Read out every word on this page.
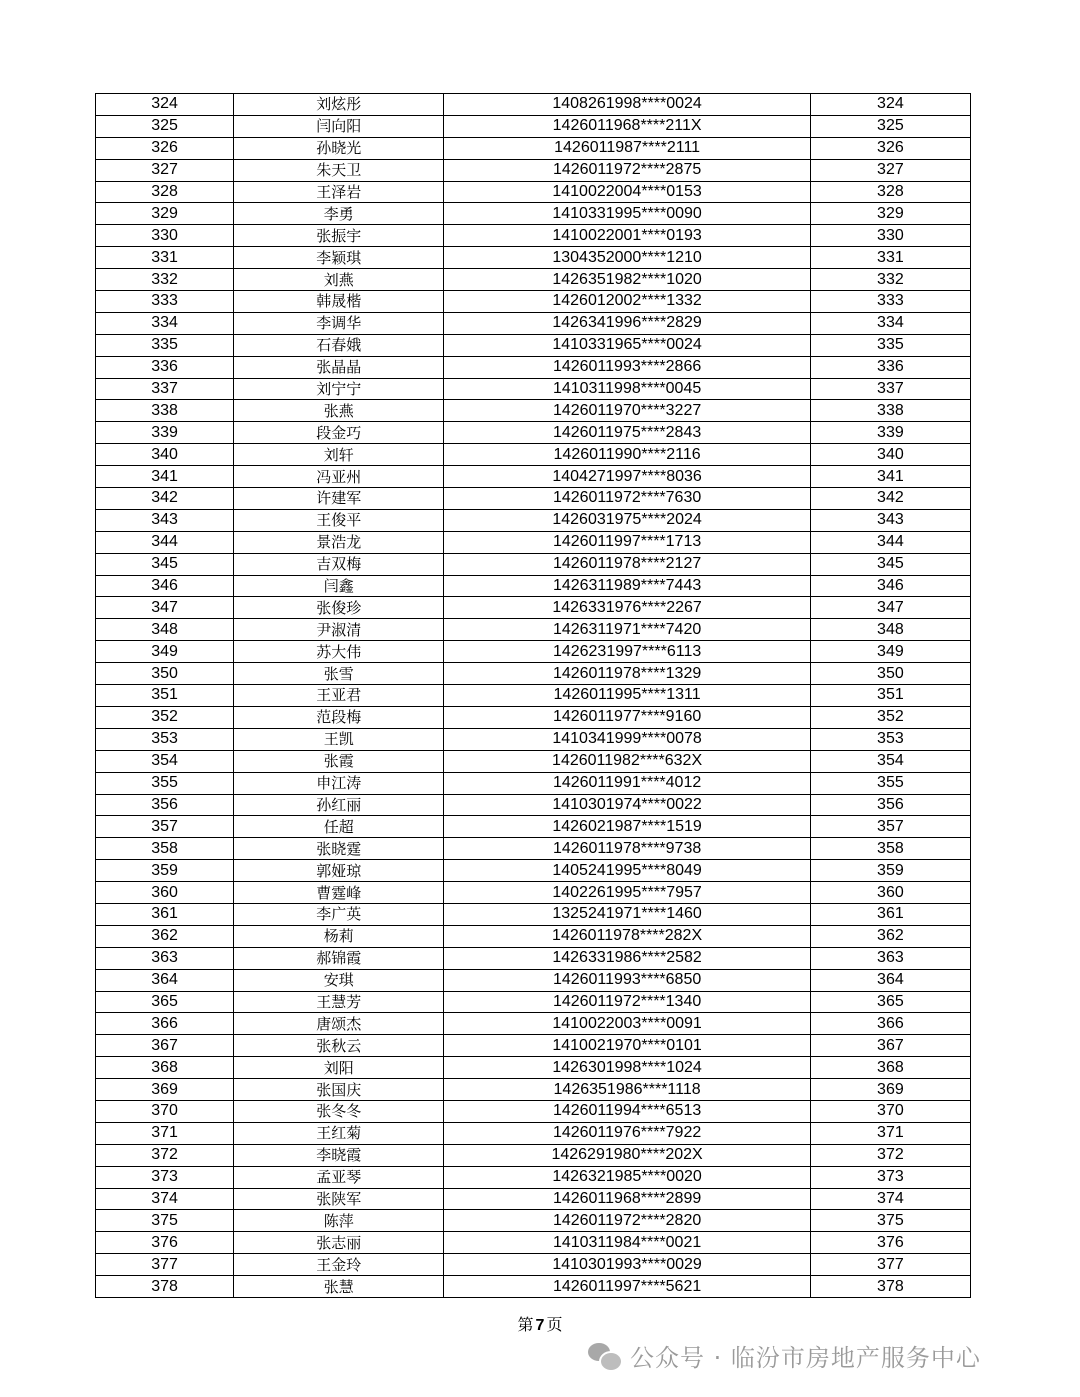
324	刘炫彤	1408261998****0024	324
325	闫向阳	1426011968****211X	325
326	孙晓光	1426011987****2111	326
327	朱天卫	1426011972****2875	327
328	王泽岩	1410022004****0153	328
329	李勇	1410331995****0090	329
330	张振宇	1410022001****0193	330
331	李颖琪	1304352000****1210	331
332	刘燕	1426351982****1020	332
333	韩晟楷	1426012002****1332	333
334	李调华	1426341996****2829	334
335	石春娥	1410331965****0024	335
336	张晶晶	1426011993****2866	336
337	刘宁宁	1410311998****0045	337
338	张燕	1426011970****3227	338
339	段金巧	1426011975****2843	339
340	刘轩	1426011990****2116	340
341	冯亚州	1404271997****8036	341
342	许建军	1426011972****7630	342
343	王俊平	1426031975****2024	343
344	景浩龙	1426011997****1713	344
345	吉双梅	1426011978****2127	345
346	闫鑫	1426311989****7443	346
347	张俊珍	1426331976****2267	347
348	尹淑清	1426311971****7420	348
349	苏大伟	1426231997****6113	349
350	张雪	1426011978****1329	350
351	王亚君	1426011995****1311	351
352	范段梅	1426011977****9160	352
353	王凯	1410341999****0078	353
354	张霞	1426011982****632X	354
355	申江涛	1426011991****4012	355
356	孙红丽	1410301974****0022	356
357	任超	1426021987****1519	357
358	张晓霆	1426011978****9738	358
359	郭娅琼	1405241995****8049	359
360	曹霆峰	1402261995****7957	360
361	李广英	1325241971****1460	361
362	杨莉	1426011978****282X	362
363	郝锦霞	1426331986****2582	363
364	安琪	1426011993****6850	364
365	王慧芳	1426011972****1340	365
366	唐颂杰	1410022003****0091	366
367	张秋云	1410021970****0101	367
368	刘阳	1426301998****1024	368
369	张国庆	1426351986****1118	369
370	张冬冬	1426011994****6513	370
371	王红菊	1426011976****7922	371
372	李晓霞	1426291980****202X	372
373	孟亚琴	1426321985****0020	373
374	张陕军	1426011968****2899	374
375	陈萍	1426011972****2820	375
376	张志丽	1410311984****0021	376
377	王金玲	1410301993****0029	377
378	张慧	1426011997****5621	378
第 7 页
公众号 · 临汾市房地产服务中心
